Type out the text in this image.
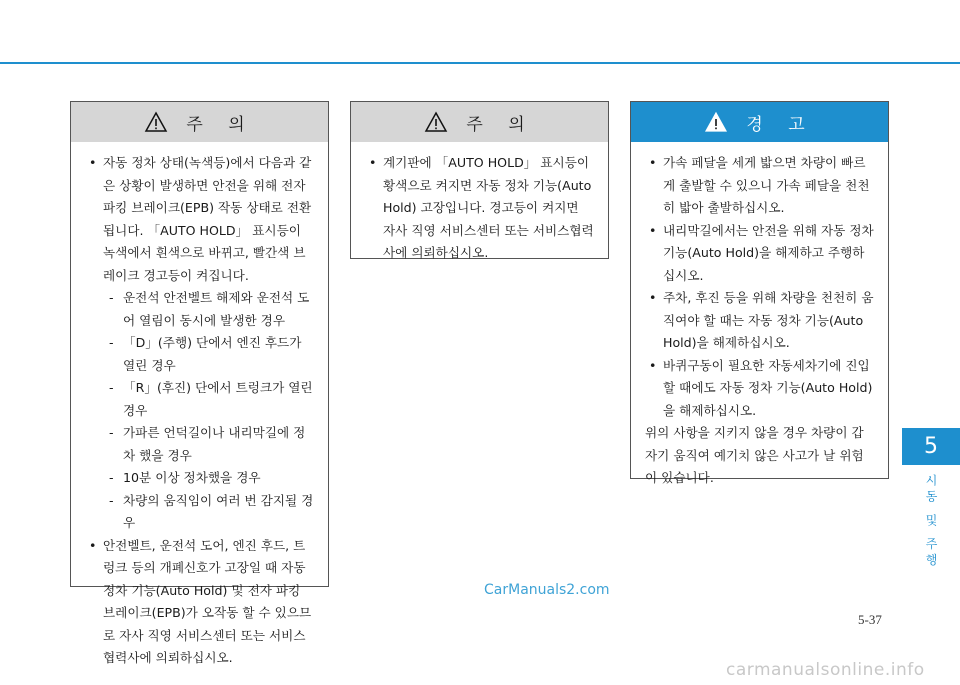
주 의
• 자동 정차 상태(녹색등)에서 다음과 같은 상황이 발생하면 안전을 위해 전자 파킹 브레이크(EPB) 작동 상태로 전환됩니다. 「AUTO HOLD」 표시등이 녹색에서 흰색으로 바뀌고, 빨간색 브레이크 경고등이 켜집니다.
- 운전석 안전벨트 해제와 운전석 도어 열림이 동시에 발생한 경우
- 「D」(주행) 단에서 엔진 후드가 열린 경우
- 「R」(후진) 단에서 트렁크가 열린 경우
- 가파른 언덕길이나 내리막길에 정차 했을 경우
- 10분 이상 정차했을 경우
- 차량의 움직임이 여러 번 감지될 경우
• 안전벨트, 운전석 도어, 엔진 후드, 트렁크 등의 개폐신호가 고장일 때 자동 정차 기능(Auto Hold) 및 전자 파킹 브레이크(EPB)가 오작동 할 수 있으므로 자사 직영 서비스센터 또는 서비스협력사에 의뢰하십시오.
주 의
• 계기판에 「AUTO HOLD」 표시등이 황색으로 켜지면 자동 정차 기능(Auto Hold) 고장입니다. 경고등이 켜지면 자사 직영 서비스센터 또는 서비스협력사에 의뢰하십시오.
경 고
• 가속 페달을 세게 밟으면 차량이 빠르게 출발할 수 있으니 가속 페달을 천천히 밟아 출발하십시오.
• 내리막길에서는 안전을 위해 자동 정차 기능(Auto Hold)을 해제하고 주행하십시오.
• 주차, 후진 등을 위해 차량을 천천히 움직여야 할 때는 자동 정차 기능(Auto Hold)을 해제하십시오.
• 바퀴구동이 필요한 자동세차기에 진입할 때에도 자동 정차 기능(Auto Hold)을 해제하십시오.

위의 사항을 지키지 않을 경우 차량이 갑자기 움직여 예기치 않은 사고가 날 위험이 있습니다.

5
시동 및 주행
CarManuals2.com
5-37
carmanualsonline.info
